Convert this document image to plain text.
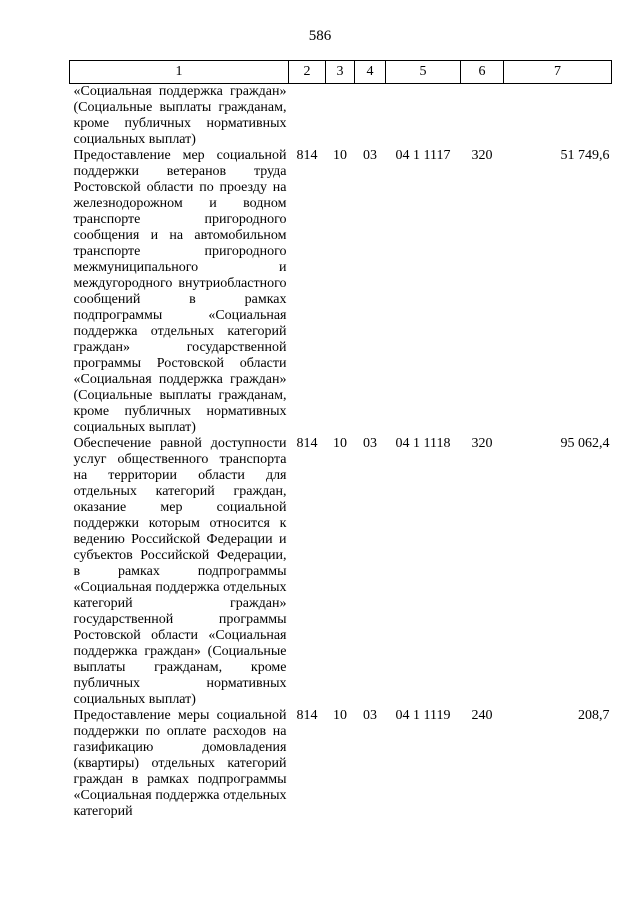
586
1	2	3	4	5	6	7
«Социальная поддержка граждан» (Социальные выплаты гражданам, кроме публичных нормативных социальных выплат)						
Предоставление мер социальной поддержки ветеранов труда Ростовской области по проезду на железнодорожном и водном транспорте пригородного сообщения и на автомобильном транспорте пригородного межмуниципального и междугородного внутриобластного сообщений в рамках подпрограммы «Социальная поддержка отдельных категорий граждан» государственной программы Ростовской области «Социальная поддержка граждан» (Социальные выплаты гражданам, кроме публичных нормативных социальных выплат)	814	10	03	04 1 1117	320	51 749,6
Обеспечение равной доступности услуг общественного транспорта на территории области для отдельных категорий граждан, оказание мер социальной поддержки которым относится к ведению Российской Федерации и субъектов Российской Федерации, в рамках подпрограммы «Социальная поддержка отдельных категорий граждан» государственной программы Ростовской области «Социальная поддержка граждан» (Социальные выплаты гражданам, кроме публичных нормативных социальных выплат)	814	10	03	04 1 1118	320	95 062,4
Предоставление меры социальной поддержки по оплате расходов на газификацию домовладения (квартиры) отдельных категорий граждан в рамках подпрограммы «Социальная поддержка отдельных категорий	814	10	03	04 1 1119	240	208,7
